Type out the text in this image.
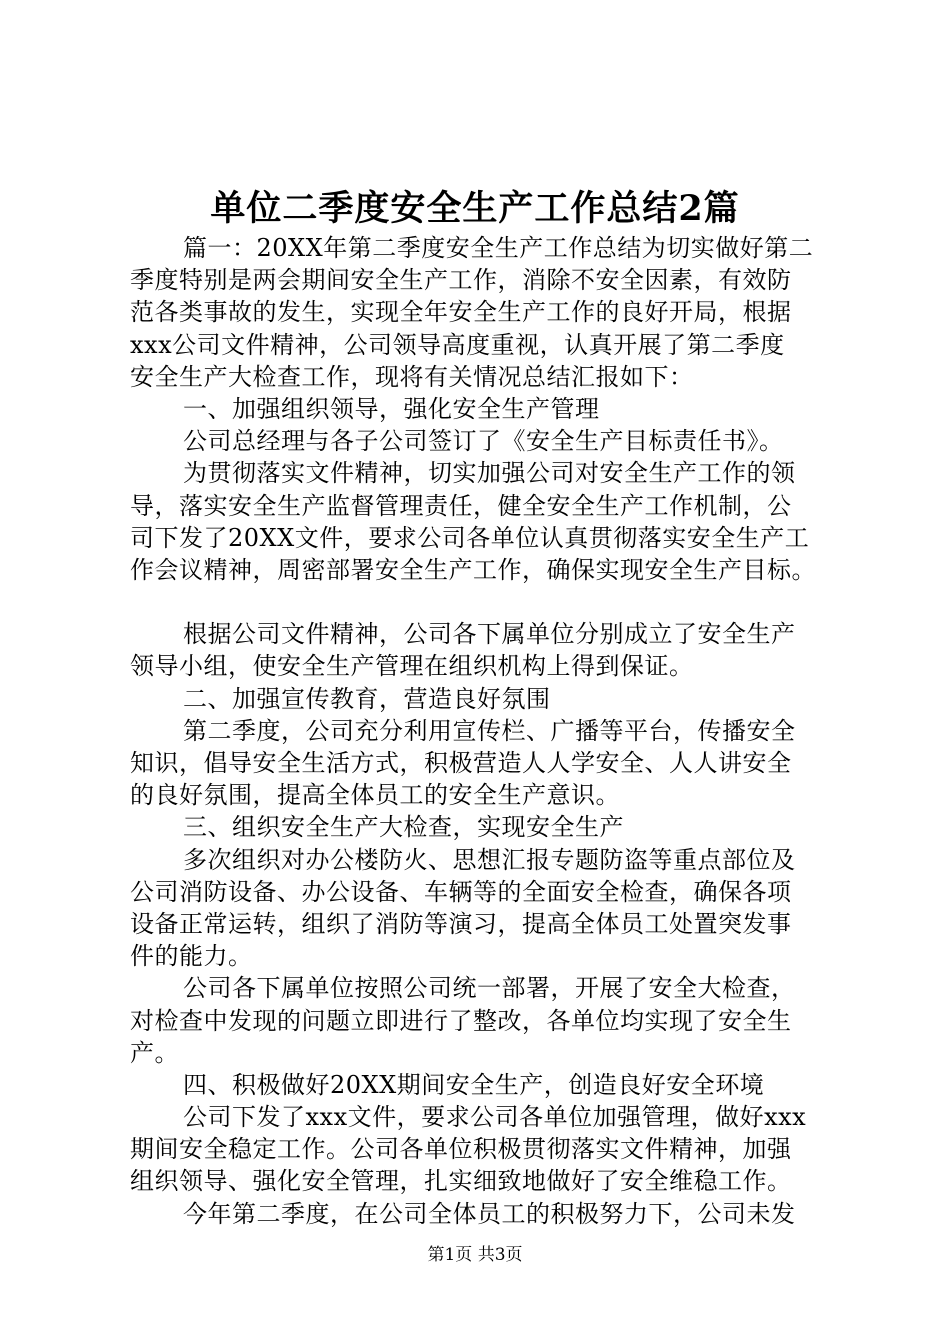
单位二季度安全生产工作总结2篇
篇一：20XX年第二季度安全生产工作总结为切实做好第二
季度特别是两会期间安全生产工作，消除不安全因素，有效防
范各类事故的发生，实现全年安全生产工作的良好开局，根据
xxx公司文件精神，公司领导高度重视，认真开展了第二季度
安全生产大检查工作，现将有关情况总结汇报如下：
一、加强组织领导，强化安全生产管理
公司总经理与各子公司签订了《安全生产目标责任书》。
为贯彻落实文件精神，切实加强公司对安全生产工作的领
导，落实安全生产监督管理责任，健全安全生产工作机制，公
司下发了20XX文件，要求公司各单位认真贯彻落实安全生产工
作会议精神，周密部署安全生产工作，确保实现安全生产目标。
根据公司文件精神，公司各下属单位分别成立了安全生产
领导小组，使安全生产管理在组织机构上得到保证。
二、加强宣传教育，营造良好氛围
第二季度，公司充分利用宣传栏、广播等平台，传播安全
知识，倡导安全生活方式，积极营造人人学安全、人人讲安全
的良好氛围，提高全体员工的安全生产意识。
三、组织安全生产大检查，实现安全生产
多次组织对办公楼防火、思想汇报专题防盗等重点部位及
公司消防设备、办公设备、车辆等的全面安全检查，确保各项
设备正常运转，组织了消防等演习，提高全体员工处置突发事
件的能力。
公司各下属单位按照公司统一部署，开展了安全大检查，
对检查中发现的问题立即进行了整改，各单位均实现了安全生
产。
四、积极做好20XX期间安全生产，创造良好安全环境
公司下发了xxx文件，要求公司各单位加强管理，做好xxx
期间安全稳定工作。公司各单位积极贯彻落实文件精神，加强
组织领导、强化安全管理，扎实细致地做好了安全维稳工作。
今年第二季度，在公司全体员工的积极努力下，公司未发
第1页 共3页
